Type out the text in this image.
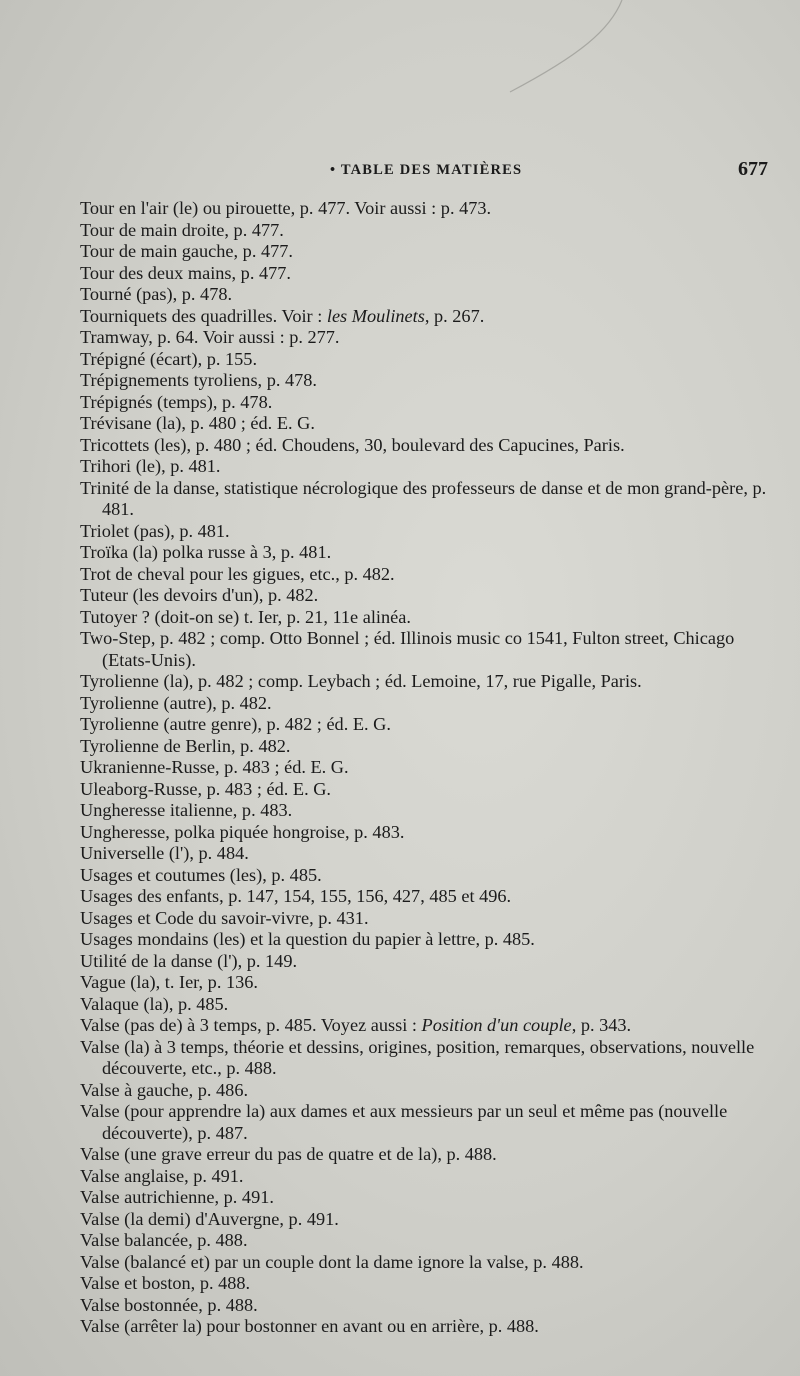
• TABLE DES MATIÈRES	677
Tour en l'air (le) ou pirouette, p. 477. Voir aussi : p. 473.
Tour de main droite, p. 477.
Tour de main gauche, p. 477.
Tour des deux mains, p. 477.
Tourné (pas), p. 478.
Tourniquets des quadrilles. Voir : les Moulinets, p. 267.
Tramway, p. 64. Voir aussi : p. 277.
Trépigné (écart), p. 155.
Trépignements tyroliens, p. 478.
Trépignés (temps), p. 478.
Trévisane (la), p. 480 ; éd. E. G.
Tricottets (les), p. 480 ; éd. Choudens, 30, boulevard des Capucines, Paris.
Trihori (le), p. 481.
Trinité de la danse, statistique nécrologique des professeurs de danse et de mon grand-père, p. 481.
Triolet (pas), p. 481.
Troïka (la) polka russe à 3, p. 481.
Trot de cheval pour les gigues, etc., p. 482.
Tuteur (les devoirs d'un), p. 482.
Tutoyer ? (doit-on se) t. Ier, p. 21, 11e alinéa.
Two-Step, p. 482 ; comp. Otto Bonnel ; éd. Illinois music co 1541, Fulton street, Chicago (Etats-Unis).
Tyrolienne (la), p. 482 ; comp. Leybach ; éd. Lemoine, 17, rue Pigalle, Paris.
Tyrolienne (autre), p. 482.
Tyrolienne (autre genre), p. 482 ; éd. E. G.
Tyrolienne de Berlin, p. 482.
Ukranienne-Russe, p. 483 ; éd. E. G.
Uleaborg-Russe, p. 483 ; éd. E. G.
Ungheresse italienne, p. 483.
Ungheresse, polka piquée hongroise, p. 483.
Universelle (l'), p. 484.
Usages et coutumes (les), p. 485.
Usages des enfants, p. 147, 154, 155, 156, 427, 485 et 496.
Usages et Code du savoir-vivre, p. 431.
Usages mondains (les) et la question du papier à lettre, p. 485.
Utilité de la danse (l'), p. 149.
Vague (la), t. Ier, p. 136.
Valaque (la), p. 485.
Valse (pas de) à 3 temps, p. 485. Voyez aussi : Position d'un couple, p. 343.
Valse (la) à 3 temps, théorie et dessins, origines, position, remarques, observations, nouvelle découverte, etc., p. 488.
Valse à gauche, p. 486.
Valse (pour apprendre la) aux dames et aux messieurs par un seul et même pas (nouvelle découverte), p. 487.
Valse (une grave erreur du pas de quatre et de la), p. 488.
Valse anglaise, p. 491.
Valse autrichienne, p. 491.
Valse (la demi) d'Auvergne, p. 491.
Valse balancée, p. 488.
Valse (balancé et) par un couple dont la dame ignore la valse, p. 488.
Valse et boston, p. 488.
Valse bostonnée, p. 488.
Valse (arrêter la) pour bostonner en avant ou en arrière, p. 488.
